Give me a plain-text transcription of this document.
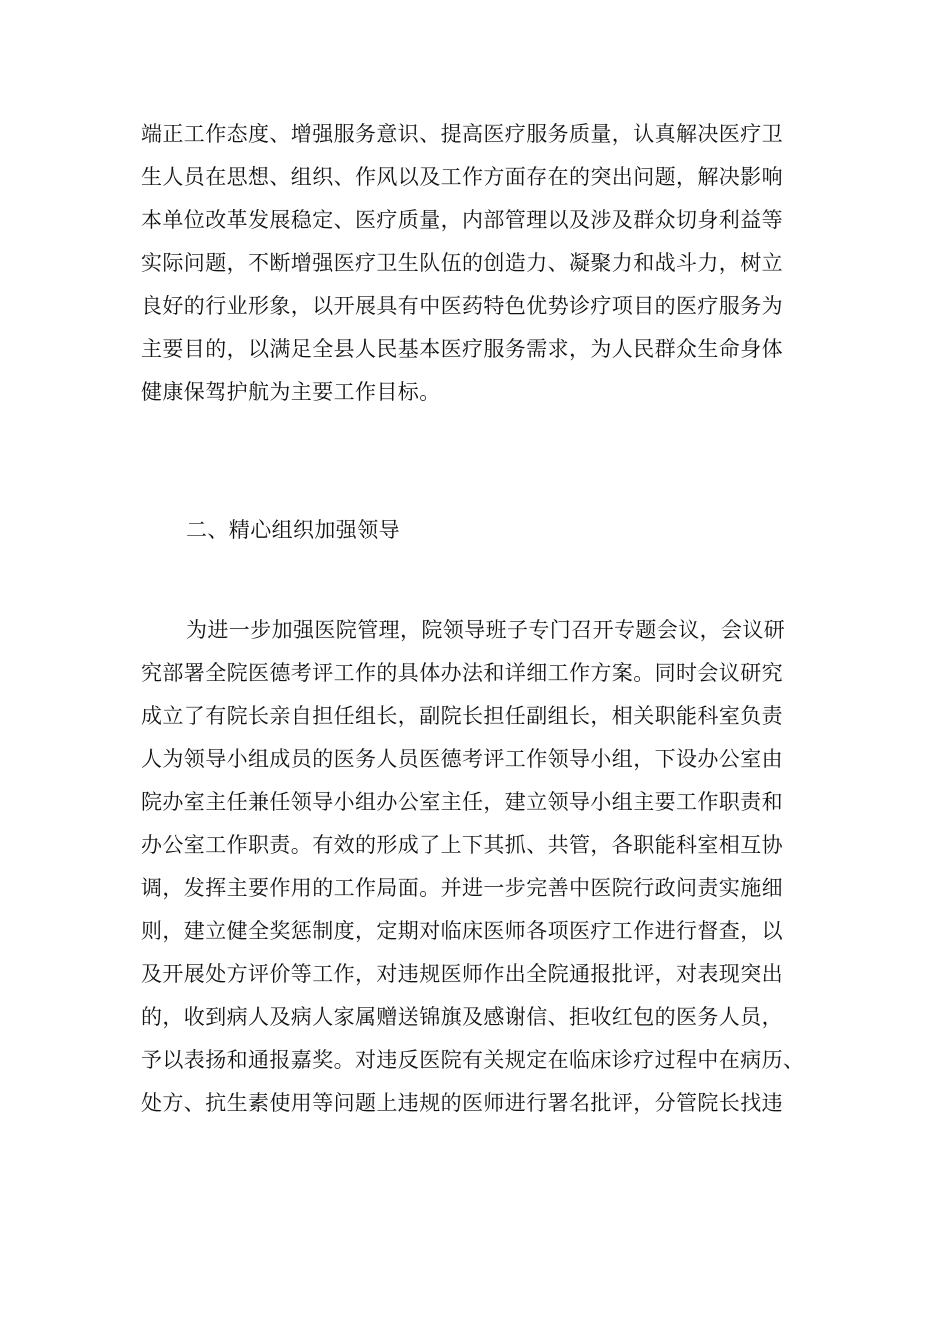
端正工作态度、增强服务意识、提高医疗服务质量，认真解决医疗卫
生人员在思想、组织、作风以及工作方面存在的突出问题，解决影响
本单位改革发展稳定、医疗质量，内部管理以及涉及群众切身利益等
实际问题，不断增强医疗卫生队伍的创造力、凝聚力和战斗力，树立
良好的行业形象，以开展具有中医药特色优势诊疗项目的医疗服务为
主要目的，以满足全县人民基本医疗服务需求，为人民群众生命身体
健康保驾护航为主要工作目标。
二、精心组织加强领导
为进一步加强医院管理，院领导班子专门召开专题会议，会议研
究部署全院医德考评工作的具体办法和详细工作方案。同时会议研究
成立了有院长亲自担任组长，副院长担任副组长，相关职能科室负责
人为领导小组成员的医务人员医德考评工作领导小组，下设办公室由
院办室主任兼任领导小组办公室主任，建立领导小组主要工作职责和
办公室工作职责。有效的形成了上下其抓、共管，各职能科室相互协
调，发挥主要作用的工作局面。并进一步完善中医院行政问责实施细
则，建立健全奖惩制度，定期对临床医师各项医疗工作进行督查，以
及开展处方评价等工作，对违规医师作出全院通报批评，对表现突出
的，收到病人及病人家属赠送锦旗及感谢信、拒收红包的医务人员，
予以表扬和通报嘉奖。对违反医院有关规定在临床诊疗过程中在病历、
处方、抗生素使用等问题上违规的医师进行署名批评，分管院长找违
